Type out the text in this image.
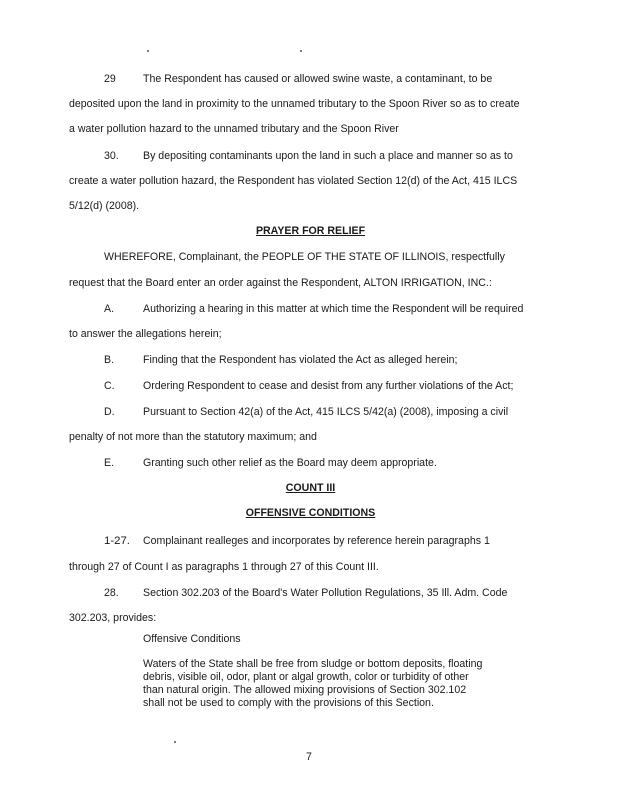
29	The Respondent has caused or allowed swine waste, a contaminant, to be
deposited upon the land in proximity to the unnamed tributary to the Spoon River so as to create
a water pollution hazard to the unnamed tributary and the Spoon River
30. By depositing contaminants upon the land in such a place and manner so as to
create a water pollution hazard, the Respondent has violated Section 12(d) of the Act, 415 ILCS
5/12(d) (2008).
PRAYER FOR RELIEF
WHEREFORE, Complainant, the PEOPLE OF THE STATE OF ILLINOIS, respectfully
request that the Board enter an order against the Respondent, ALTON IRRIGATION, INC.:
A.	Authorizing a hearing in this matter at which time the Respondent will be required
to answer the allegations herein;
B.	Finding that the Respondent has violated the Act as alleged herein;
C.	Ordering Respondent to cease and desist from any further violations of the Act;
D.	Pursuant to Section 42(a) of the Act, 415 ILCS 5/42(a) (2008), imposing a civil
penalty of not more than the statutory maximum; and
E.	Granting such other relief as the Board may deem appropriate.
COUNT III
OFFENSIVE CONDITIONS
1-27. Complainant realleges and incorporates by reference herein paragraphs 1
through 27 of Count I as paragraphs 1 through 27 of this Count III.
28. Section 302.203 of the Board's Water Pollution Regulations, 35 Ill. Adm. Code
302.203, provides:
Offensive Conditions
Waters of the State shall be free from sludge or bottom deposits, floating
debris, visible oil, odor, plant or algal growth, color or turbidity of other
than natural origin. The allowed mixing provisions of Section 302.102
shall not be used to comply with the provisions of this Section.
7
